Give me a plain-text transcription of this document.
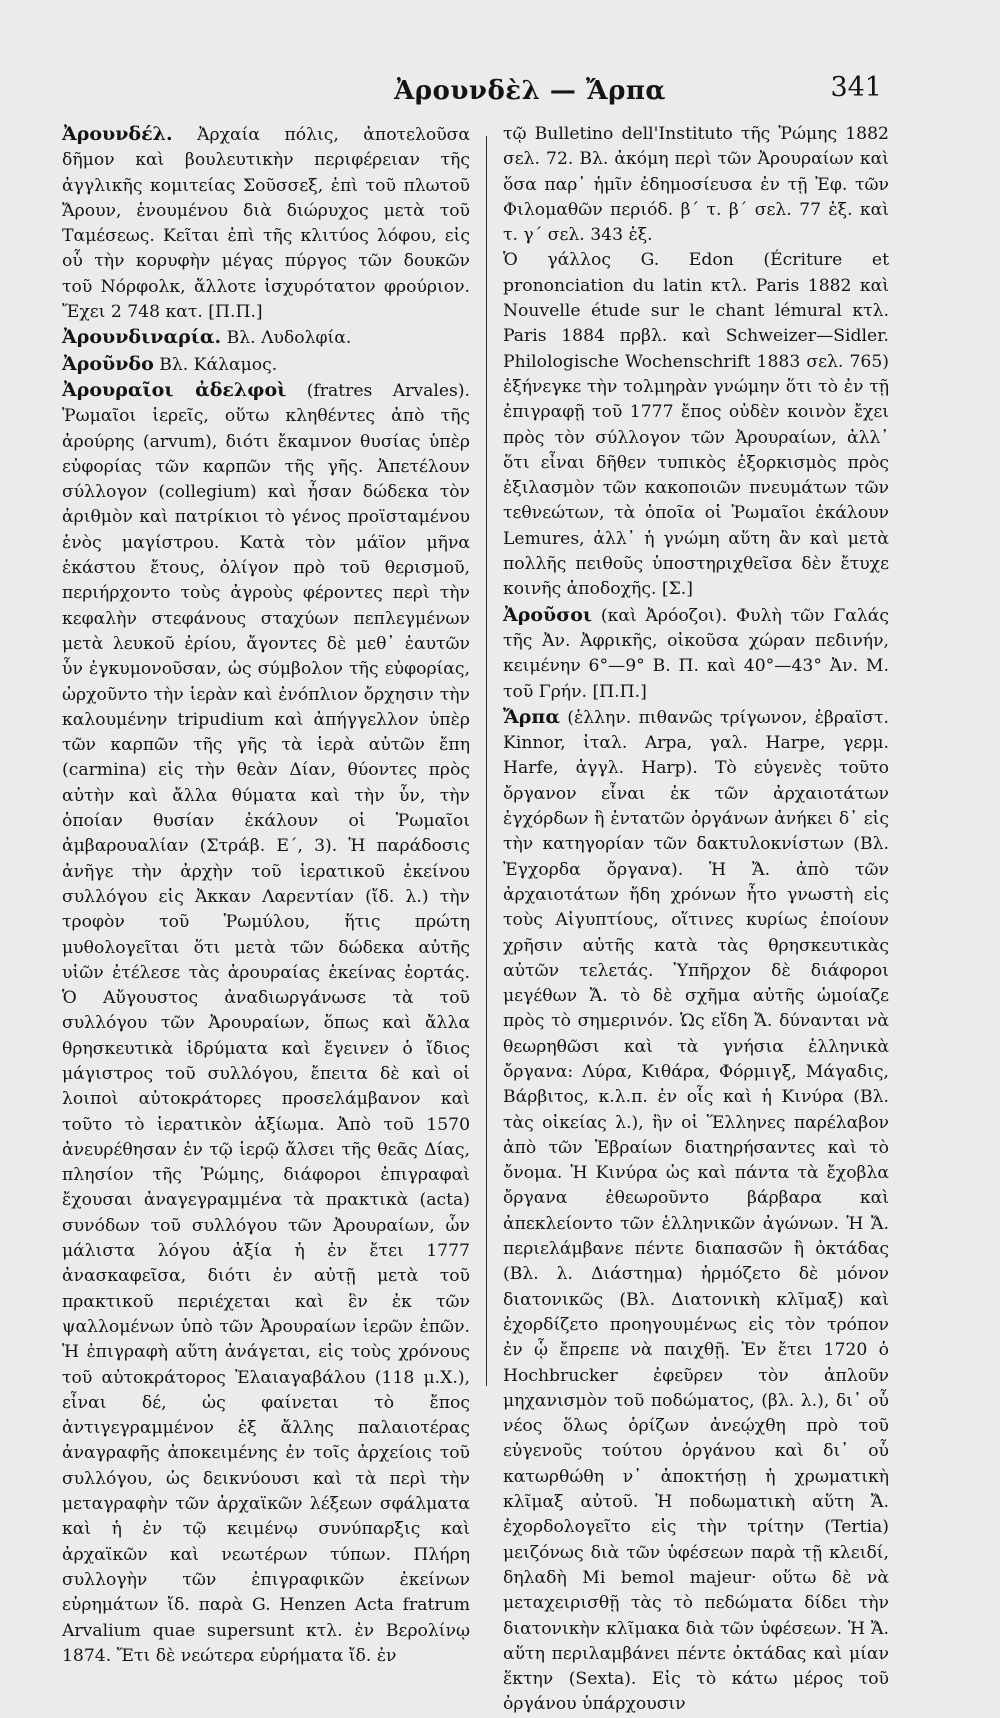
Ἀρουνδὲλ — Ἄρπα	341

Ἀρουνδέλ. Ἀρχαία πόλις, ἀποτελοῦσα δῆμον καὶ βουλευτικὴν περιφέρειαν τῆς ἀγγλικῆς κομιτείας Σοῦσσεξ, ἐπὶ τοῦ πλωτοῦ Ἄρουν, ἑνουμένου διὰ διώρυχος μετὰ τοῦ Ταμέσεως. Κεῖται ἐπὶ τῆς κλιτύος λόφου, εἰς οὗ τὴν κορυφὴν μέγας πύργος τῶν δουκῶν τοῦ Νόρφολκ, ἄλλοτε ἰσχυρότατον φρούριον. Ἔχει 2 748 κατ. [Π.Π.]

Ἀρουνδιναρία. Βλ. Λυδολφία.

Ἀροῦνδο Βλ. Κάλαμος.

Ἀρουραῖοι ἀδελφοὶ (fratres Arvales). Ῥωμαῖοι ἱερεῖς, οὕτω κληθέντες ἀπὸ τῆς ἀρούρης (arvum), διότι ἔκαμνον θυσίας ὑπὲρ εὐφορίας τῶν καρπῶν τῆς γῆς. Ἀπετέλουν σύλλογον (collegium) καὶ ἦσαν δώδεκα τὸν ἀριθμὸν καὶ πατρίκιοι τὸ γένος προϊσταμένου ἑνὸς μαγίστρου. Κατὰ τὸν μάϊον μῆνα ἑκάστου ἔτους, ὀλίγον πρὸ τοῦ θερισμοῦ, περιήρχοντο τοὺς ἀγροὺς φέροντες περὶ τὴν κεφαλὴν στεφάνους σταχύων πεπλεγμένων μετὰ λευκοῦ ἐρίου, ἄγοντες δὲ μεθ᾽ ἑαυτῶν ὗν ἐγκυμονοῦσαν, ὡς σύμβολον τῆς εὐφορίας, ὠρχοῦντο τὴν ἱερὰν καὶ ἐνόπλιον ὄρχησιν τὴν καλουμένην tripudium καὶ ἀπήγγελλον ὑπὲρ τῶν καρπῶν τῆς γῆς τὰ ἱερὰ αὐτῶν ἔπη (carmina) εἰς τὴν θεὰν Δίαν, θύοντες πρὸς αὐτὴν καὶ ἄλλα θύματα καὶ τὴν ὗν, τὴν ὁποίαν θυσίαν ἐκάλουν οἱ Ῥωμαῖοι ἀμβαρουαλίαν (Στράβ. Ε΄, 3). Ἡ παράδοσις ἀνῆγε τὴν ἀρχὴν τοῦ ἱερατικοῦ ἐκείνου συλλόγου εἰς Ἀκκαν Λαρεντίαν (ἴδ. λ.) τὴν τροφὸν τοῦ Ῥωμύλου, ἥτις πρώτη μυθολογεῖται ὅτι μετὰ τῶν δώδεκα αὐτῆς υἱῶν ἐτέλεσε τὰς ἀρουραίας ἑκείνας ἑορτάς. Ὁ Αὔγουστος ἀναδιωργάνωσε τὰ τοῦ συλλόγου τῶν Ἀρουραίων, ὅπως καὶ ἄλλα θρησκευτικὰ ἱδρύματα καὶ ἔγεινεν ὁ ἴδιος μάγιστρος τοῦ συλλόγου, ἔπειτα δὲ καὶ οἱ λοιποὶ αὐτοκράτορες προσελάμβανον καὶ τοῦτο τὸ ἱερατικὸν ἀξίωμα. Ἀπὸ τοῦ 1570 ἀνευρέθησαν ἐν τῷ ἱερῷ ἄλσει τῆς θεᾶς Δίας, πλησίον τῆς Ῥώμης, διάφοροι ἐπιγραφαὶ ἔχουσαι ἀναγεγραμμένα τὰ πρακτικὰ (acta) συνόδων τοῦ συλλόγου τῶν Ἀρουραίων, ὧν μάλιστα λόγου ἀξία ἡ ἐν ἔτει 1777 ἀνασκαφεῖσα, διότι ἐν αὐτῇ μετὰ τοῦ πρακτικοῦ περιέχεται καὶ ἓν ἐκ τῶν ψαλλομένων ὑπὸ τῶν Ἀρουραίων ἱερῶν ἐπῶν. Ἡ ἐπιγραφὴ αὕτη ἀνάγεται, εἰς τοὺς χρόνους τοῦ αὐτοκράτορος Ἐλαιαγαβάλου (118 μ.Χ.), εἶναι δέ, ὡς φαίνεται τὸ ἔπος ἀντιγεγραμμένον ἐξ ἄλλης παλαιοτέρας ἀναγραφῆς ἀποκειμένης ἐν τοῖς ἀρχείοις τοῦ συλλόγου, ὡς δεικνύουσι καὶ τὰ περὶ τὴν μεταγραφὴν τῶν ἀρχαϊκῶν λέξεων σφάλματα καὶ ἡ ἐν τῷ κειμένῳ συνύπαρξις καὶ ἀρχαϊκῶν καὶ νεωτέρων τύπων. Πλήρη συλλογὴν τῶν ἐπιγραφικῶν ἐκείνων εὑρημάτων ἴδ. παρὰ G. Henzen Acta fratrum Arvalium quae supersunt κτλ. ἐν Βερολίνῳ 1874. Ἔτι δὲ νεώτερα εὑρήματα ἴδ. ἐν

τῷ Bulletino dell'Instituto τῆς Ῥώμης 1882 σελ. 72. Βλ. ἀκόμη περὶ τῶν Ἀρουραίων καὶ ὅσα παρ᾽ ἡμῖν ἐδημοσίευσα ἐν τῇ Ἐφ. τῶν Φιλομαθῶν περιόδ. β΄ τ. β΄ σελ. 77 ἑξ. καὶ τ. γ΄ σελ. 343 ἑξ.

Ὁ γάλλος G. Edon (Écriture et prononciation du latin κτλ. Paris 1882 καὶ Nouvelle étude sur le chant lémural κτλ. Paris 1884 πρβλ. καὶ Schweizer—Sidler. Philologische Wochenschrift 1883 σελ. 765) ἐξήνεγκε τὴν τολμηρὰν γνώμην ὅτι τὸ ἐν τῇ ἐπιγραφῇ τοῦ 1777 ἔπος οὐδὲν κοινὸν ἔχει πρὸς τὸν σύλλογον τῶν Ἀρουραίων, ἀλλ᾽ ὅτι εἶναι δῆθεν τυπικὸς ἐξορκισμὸς πρὸς ἐξιλασμὸν τῶν κακοποιῶν πνευμάτων τῶν τεθνεώτων, τὰ ὁποῖα οἱ Ῥωμαῖοι ἐκάλουν Lemures, ἀλλ᾽ ἡ γνώμη αὕτη ἂν καὶ μετὰ πολλῆς πειθοῦς ὑποστηριχθεῖσα δὲν ἔτυχε κοινῆς ἀποδοχῆς. [Σ.]

Ἀροῦσοι (καὶ Ἀρόοζοι). Φυλὴ τῶν Γαλάς τῆς Ἀν. Ἀφρικῆς, οἰκοῦσα χώραν πεδινήν, κειμένην 6°—9° Β. Π. καὶ 40°—43° Ἀν. Μ. τοῦ Γρήν. [Π.Π.]

Ἄρπα (ἑλλην. πιθανῶς τρίγωνον, ἑβραϊστ. Kinnor, ἰταλ. Arpa, γαλ. Harpe, γερμ. Harfe, ἀγγλ. Harp). Τὸ εὐγενὲς τοῦτο ὄργανον εἶναι ἐκ τῶν ἀρχαιοτάτων ἐγχόρδων ἢ ἐντατῶν ὀργάνων ἀνήκει δ᾽ εἰς τὴν κατηγορίαν τῶν δακτυλοκνίστων (Βλ. Ἐγχορδα ὄργανα). Ἡ Ἄ. ἀπὸ τῶν ἀρχαιοτάτων ἤδη χρόνων ἦτο γνωστὴ εἰς τοὺς Αἰγυπτίους, οἵτινες κυρίως ἐποίουν χρῆσιν αὐτῆς κατὰ τὰς θρησκευτικὰς αὐτῶν τελετάς. Ὑπῆρχον δὲ διάφοροι μεγέθων Ἄ. τὸ δὲ σχῆμα αὐτῆς ὡμοίαζε πρὸς τὸ σημερινόν. Ὡς εἴδη Ἄ. δύνανται νὰ θεωρηθῶσι καὶ τὰ γνήσια ἑλληνικὰ ὄργανα: Λύρα, Κιθάρα, Φόρμιγξ, Μάγαδις, Βάρβιτος, κ.λ.π. ἐν οἷς καὶ ἡ Κινύρα (Βλ. τὰς οἰκείας λ.), ἣν οἱ Ἕλληνες παρέλαβον ἀπὸ τῶν Ἑβραίων διατηρήσαντες καὶ τὸ ὄνομα. Ἡ Κινύρα ὡς καὶ πάντα τὰ ἔχοβλα ὄργανα ἐθεωροῦντο βάρβαρα καὶ ἀπεκλείοντο τῶν ἑλληνικῶν ἀγώνων. Ἡ Ἄ. περιελάμβανε πέντε διαπασῶν ἢ ὀκτάδας (Βλ. λ. Διάστημα) ἡρμόζετο δὲ μόνον διατονικῶς (Βλ. Διατονικὴ κλῖμαξ) καὶ ἐχορδίζετο προηγουμένως εἰς τὸν τρόπον ἐν ᾧ ἔπρεπε νὰ παιχθῇ. Ἐν ἔτει 1720 ὁ Hochbrucker ἐφεῦρεν τὸν ἁπλοῦν μηχανισμὸν τοῦ ποδώματος, (βλ. λ.), δι᾽ οὗ νέος ὅλως ὁρίζων ἀνεῴχθη πρὸ τοῦ εὐγενοῦς τούτου ὀργάνου καὶ δι᾽ οὗ κατωρθώθη ν᾽ ἀποκτήσῃ ἡ χρωματικὴ κλῖμαξ αὐτοῦ. Ἡ ποδωματικὴ αὕτη Ἄ. ἐχορδολογεῖτο εἰς τὴν τρίτην (Tertia) μειζόνως διὰ τῶν ὑφέσεων παρὰ τῇ κλειδί, δηλαδὴ Mi bemol majeur· οὕτω δὲ νὰ μεταχειρισθῇ τὰς τὸ πεδώματα δίδει τὴν διατονικὴν κλῖμακα διὰ τῶν ὑφέσεων. Ἡ Ἄ. αὕτη περιλαμβάνει πέντε ὀκτάδας καὶ μίαν ἕκτην (Sexta). Εἰς τὸ κάτω μέρος τοῦ ὀργάνου ὑπάρχουσιν
